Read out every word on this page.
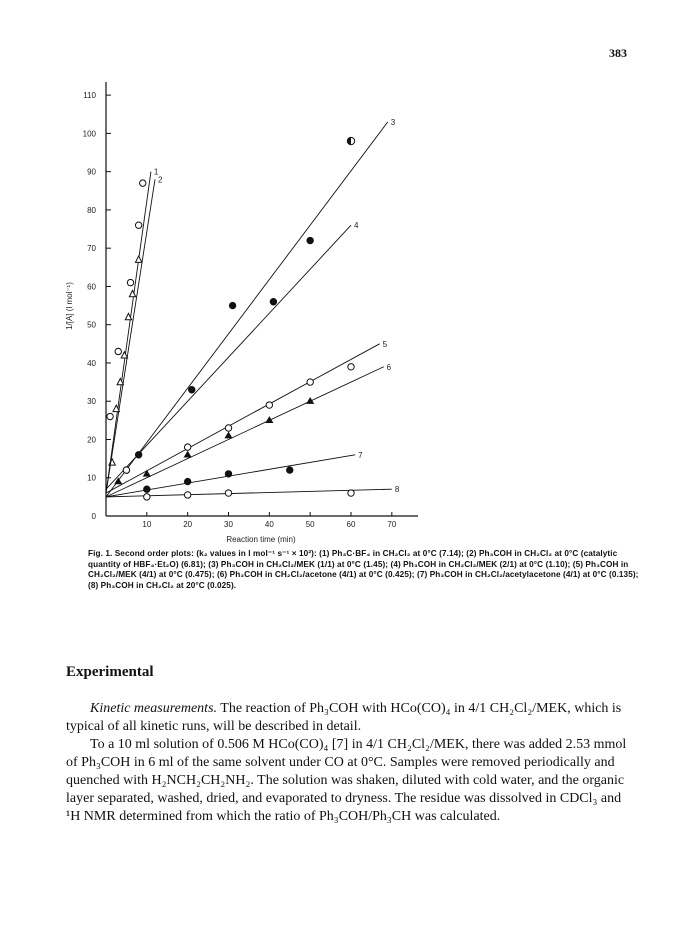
383
0
10
20
30
40
50
60
70
80
90
100
110
10	20	30	40	50	60	70
Reaction time (min)
1/[A] (l mol⁻¹)
1
2
3
4
5
6
7
8
Fig. 1. Second order plots: (k₂ values in l mol⁻¹ s⁻¹ × 10²): (1) Ph₃C·BF₄ in CH₂Cl₂ at 0°C (7.14); (2) Ph₃COH in CH₂Cl₂ at 0°C (catalytic quantity of HBF₄·Et₂O) (6.81); (3) Ph₃COH in CH₂Cl₂/MEK (1/1) at 0°C (1.45); (4) Ph₃COH in CH₂Cl₂/MEK (2/1) at 0°C (1.10); (5) Ph₃COH in CH₂Cl₂/MEK (4/1) at 0°C (0.475); (6) Ph₃COH in CH₂Cl₂/acetone (4/1) at 0°C (0.425); (7) Ph₃COH in CH₂Cl₂/acetylacetone (4/1) at 0°C (0.135); (8) Ph₃COH in CH₂Cl₂ at 20°C (0.025).
Experimental

Kinetic measurements. The reaction of Ph₃COH with HCo(CO)₄ in 4/1 CH₂Cl₂/MEK, which is typical of all kinetic runs, will be described in detail.

To a 10 ml solution of 0.506 M HCo(CO)₄ [7] in 4/1 CH₂Cl₂/MEK, there was added 2.53 mmol of Ph₃COH in 6 ml of the same solvent under CO at 0°C. Samples were removed periodically and quenched with H₂NCH₂CH₂NH₂. The solution was shaken, diluted with cold water, and the organic layer separated, washed, dried, and evaporated to dryness. The residue was dissolved in CDCl₃ and ¹H NMR determined from which the ratio of Ph₃COH/Ph₃CH was calculated.
